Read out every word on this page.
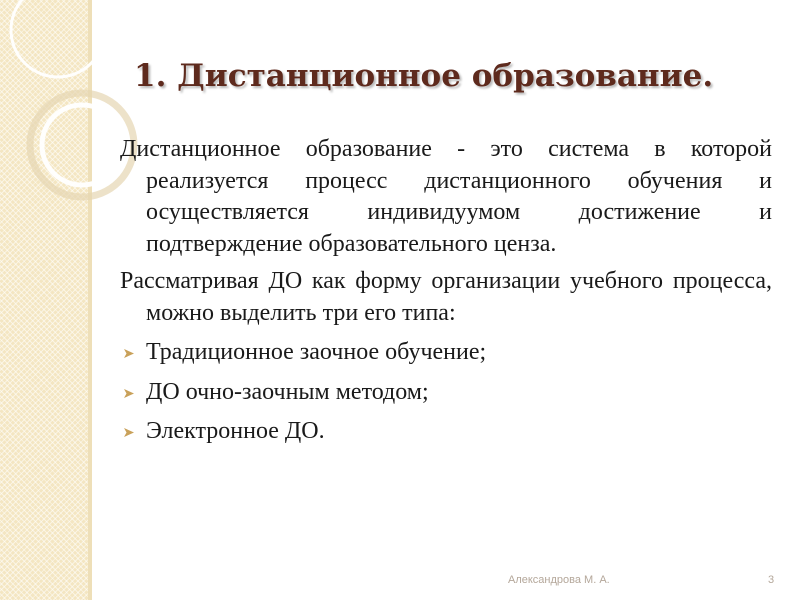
1. Дистанционное образование.

Дистанционное образование - это система в которой реализуется процесс дистанционного обучения и осуществляется индивидуумом достижение и подтверждение образовательного ценза.

Рассматривая ДО как форму организации учебного процесса, можно выделить три его типа:

Традиционное заочное обучение;
ДО очно-заочным методом;
Электронное ДО.
Александрова М. А.	3
